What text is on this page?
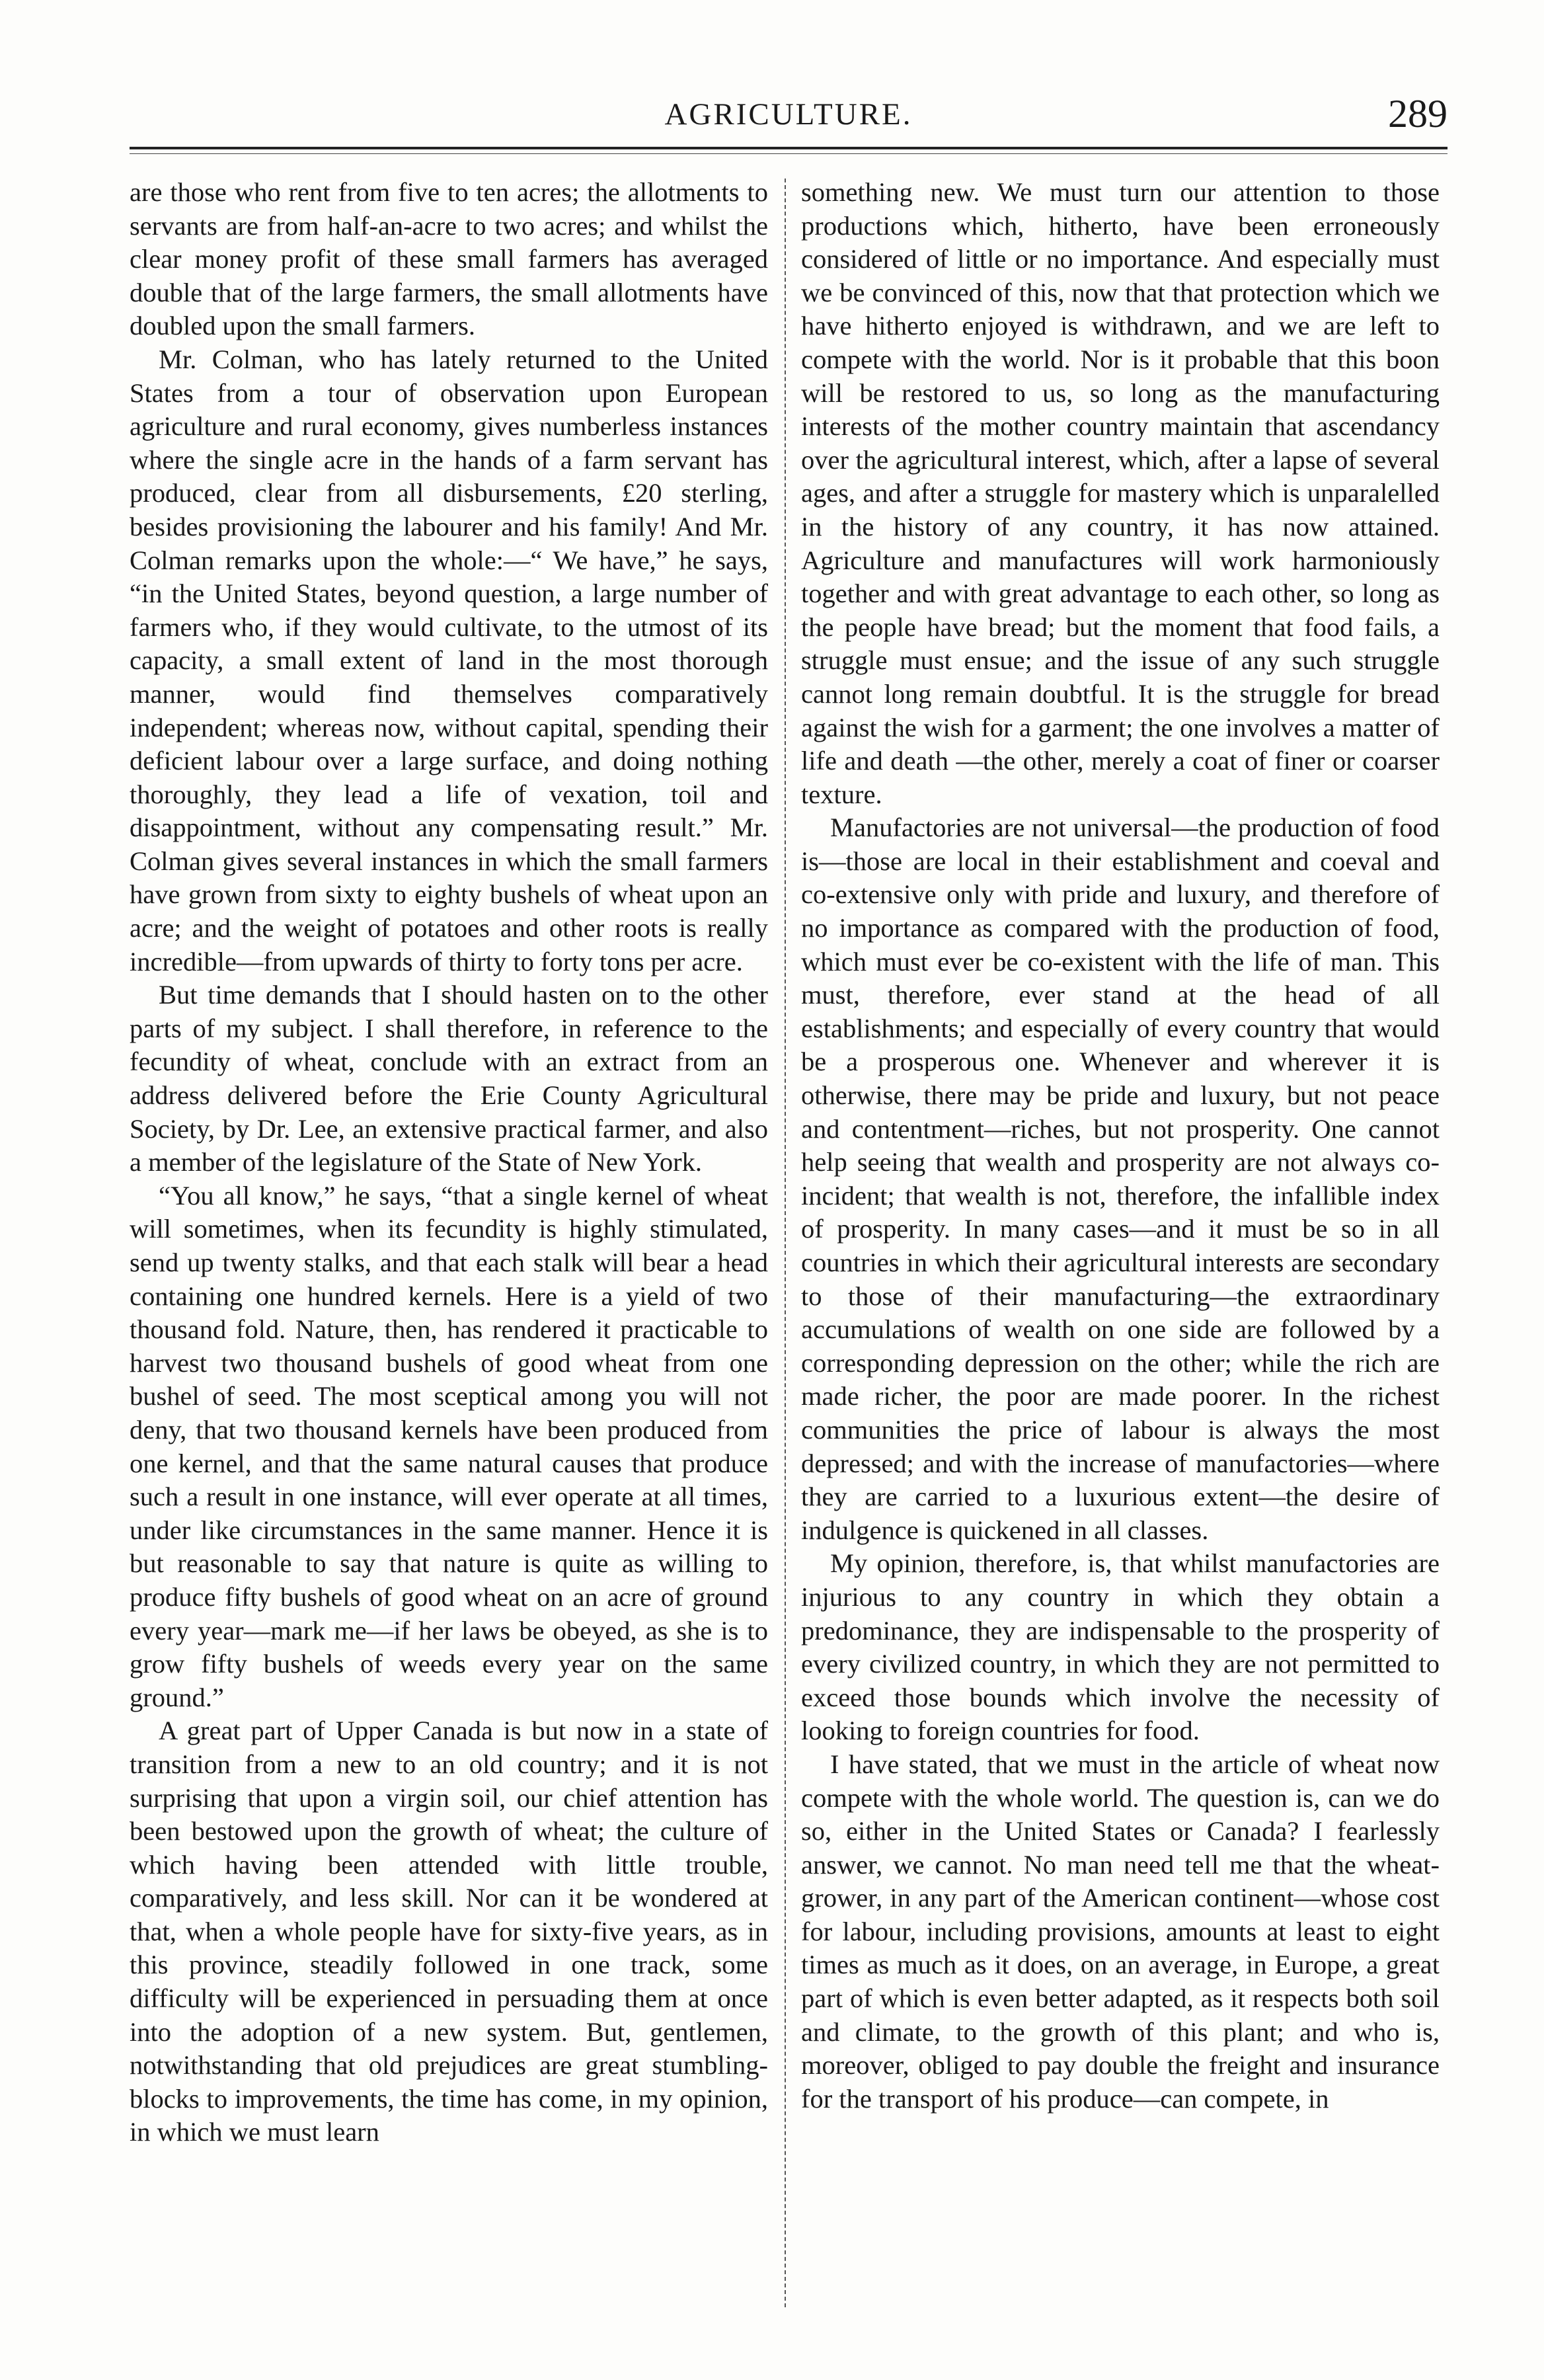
AGRICULTURE.	289

are those who rent from five to ten acres; the allotments to servants are from half-an-acre to two acres; and whilst the clear money profit of these small farmers has averaged double that of the large farmers, the small allotments have doubled upon the small farmers.

Mr. Colman, who has lately returned to the United States from a tour of observation upon European agriculture and rural economy, gives numberless instances where the single acre in the hands of a farm servant has produced, clear from all disbursements, £20 sterling, besides provisioning the labourer and his family! And Mr. Colman remarks upon the whole:—“ We have,” he says, “in the United States, beyond question, a large number of farmers who, if they would cultivate, to the utmost of its capacity, a small extent of land in the most thorough manner, would find themselves comparatively independent; whereas now, without capital, spending their deficient labour over a large surface, and doing nothing thoroughly, they lead a life of vexation, toil and disappointment, without any compensating result.” Mr. Colman gives several instances in which the small farmers have grown from sixty to eighty bushels of wheat upon an acre; and the weight of potatoes and other roots is really incredible—from upwards of thirty to forty tons per acre.

But time demands that I should hasten on to the other parts of my subject. I shall therefore, in reference to the fecundity of wheat, conclude with an extract from an address delivered before the Erie County Agricultural Society, by Dr. Lee, an extensive practical farmer, and also a member of the legislature of the State of New York.

“You all know,” he says, “that a single kernel of wheat will sometimes, when its fecundity is highly stimulated, send up twenty stalks, and that each stalk will bear a head containing one hundred kernels. Here is a yield of two thousand fold. Nature, then, has rendered it practicable to harvest two thousand bushels of good wheat from one bushel of seed. The most sceptical among you will not deny, that two thousand kernels have been produced from one kernel, and that the same natural causes that produce such a result in one instance, will ever operate at all times, under like circumstances in the same manner. Hence it is but reasonable to say that nature is quite as willing to produce fifty bushels of good wheat on an acre of ground every year—mark me—if her laws be obeyed, as she is to grow fifty bushels of weeds every year on the same ground.”

A great part of Upper Canada is but now in a state of transition from a new to an old country; and it is not surprising that upon a virgin soil, our chief attention has been bestowed upon the growth of wheat; the culture of which having been attended with little trouble, comparatively, and less skill. Nor can it be wondered at that, when a whole people have for sixty-five years, as in this province, steadily followed in one track, some difficulty will be experienced in persuading them at once into the adoption of a new system. But, gentlemen, notwithstanding that old prejudices are great stumbling-blocks to improvements, the time has come, in my opinion, in which we must learn

something new. We must turn our attention to those productions which, hitherto, have been erroneously considered of little or no importance. And especially must we be convinced of this, now that that protection which we have hitherto enjoyed is withdrawn, and we are left to compete with the world. Nor is it probable that this boon will be restored to us, so long as the manufacturing interests of the mother country maintain that ascendancy over the agricultural interest, which, after a lapse of several ages, and after a struggle for mastery which is unparalelled in the history of any country, it has now attained. Agriculture and manufactures will work harmoniously together and with great advantage to each other, so long as the people have bread; but the moment that food fails, a struggle must ensue; and the issue of any such struggle cannot long remain doubtful. It is the struggle for bread against the wish for a garment; the one involves a matter of life and death —the other, merely a coat of finer or coarser texture.

Manufactories are not universal—the production of food is—those are local in their establishment and coeval and co-extensive only with pride and luxury, and therefore of no importance as compared with the production of food, which must ever be co-existent with the life of man. This must, therefore, ever stand at the head of all establishments; and especially of every country that would be a prosperous one. Whenever and wherever it is otherwise, there may be pride and luxury, but not peace and contentment—riches, but not prosperity. One cannot help seeing that wealth and prosperity are not always co-incident; that wealth is not, therefore, the infallible index of prosperity. In many cases—and it must be so in all countries in which their agricultural interests are secondary to those of their manufacturing—the extraordinary accumulations of wealth on one side are followed by a corresponding depression on the other; while the rich are made richer, the poor are made poorer. In the richest communities the price of labour is always the most depressed; and with the increase of manufactories—where they are carried to a luxurious extent—the desire of indulgence is quickened in all classes.

My opinion, therefore, is, that whilst manufactories are injurious to any country in which they obtain a predominance, they are indispensable to the prosperity of every civilized country, in which they are not permitted to exceed those bounds which involve the necessity of looking to foreign countries for food.

I have stated, that we must in the article of wheat now compete with the whole world. The question is, can we do so, either in the United States or Canada? I fearlessly answer, we cannot. No man need tell me that the wheat-grower, in any part of the American continent—whose cost for labour, including provisions, amounts at least to eight times as much as it does, on an average, in Europe, a great part of which is even better adapted, as it respects both soil and climate, to the growth of this plant; and who is, moreover, obliged to pay double the freight and insurance for the transport of his produce—can compete, in
